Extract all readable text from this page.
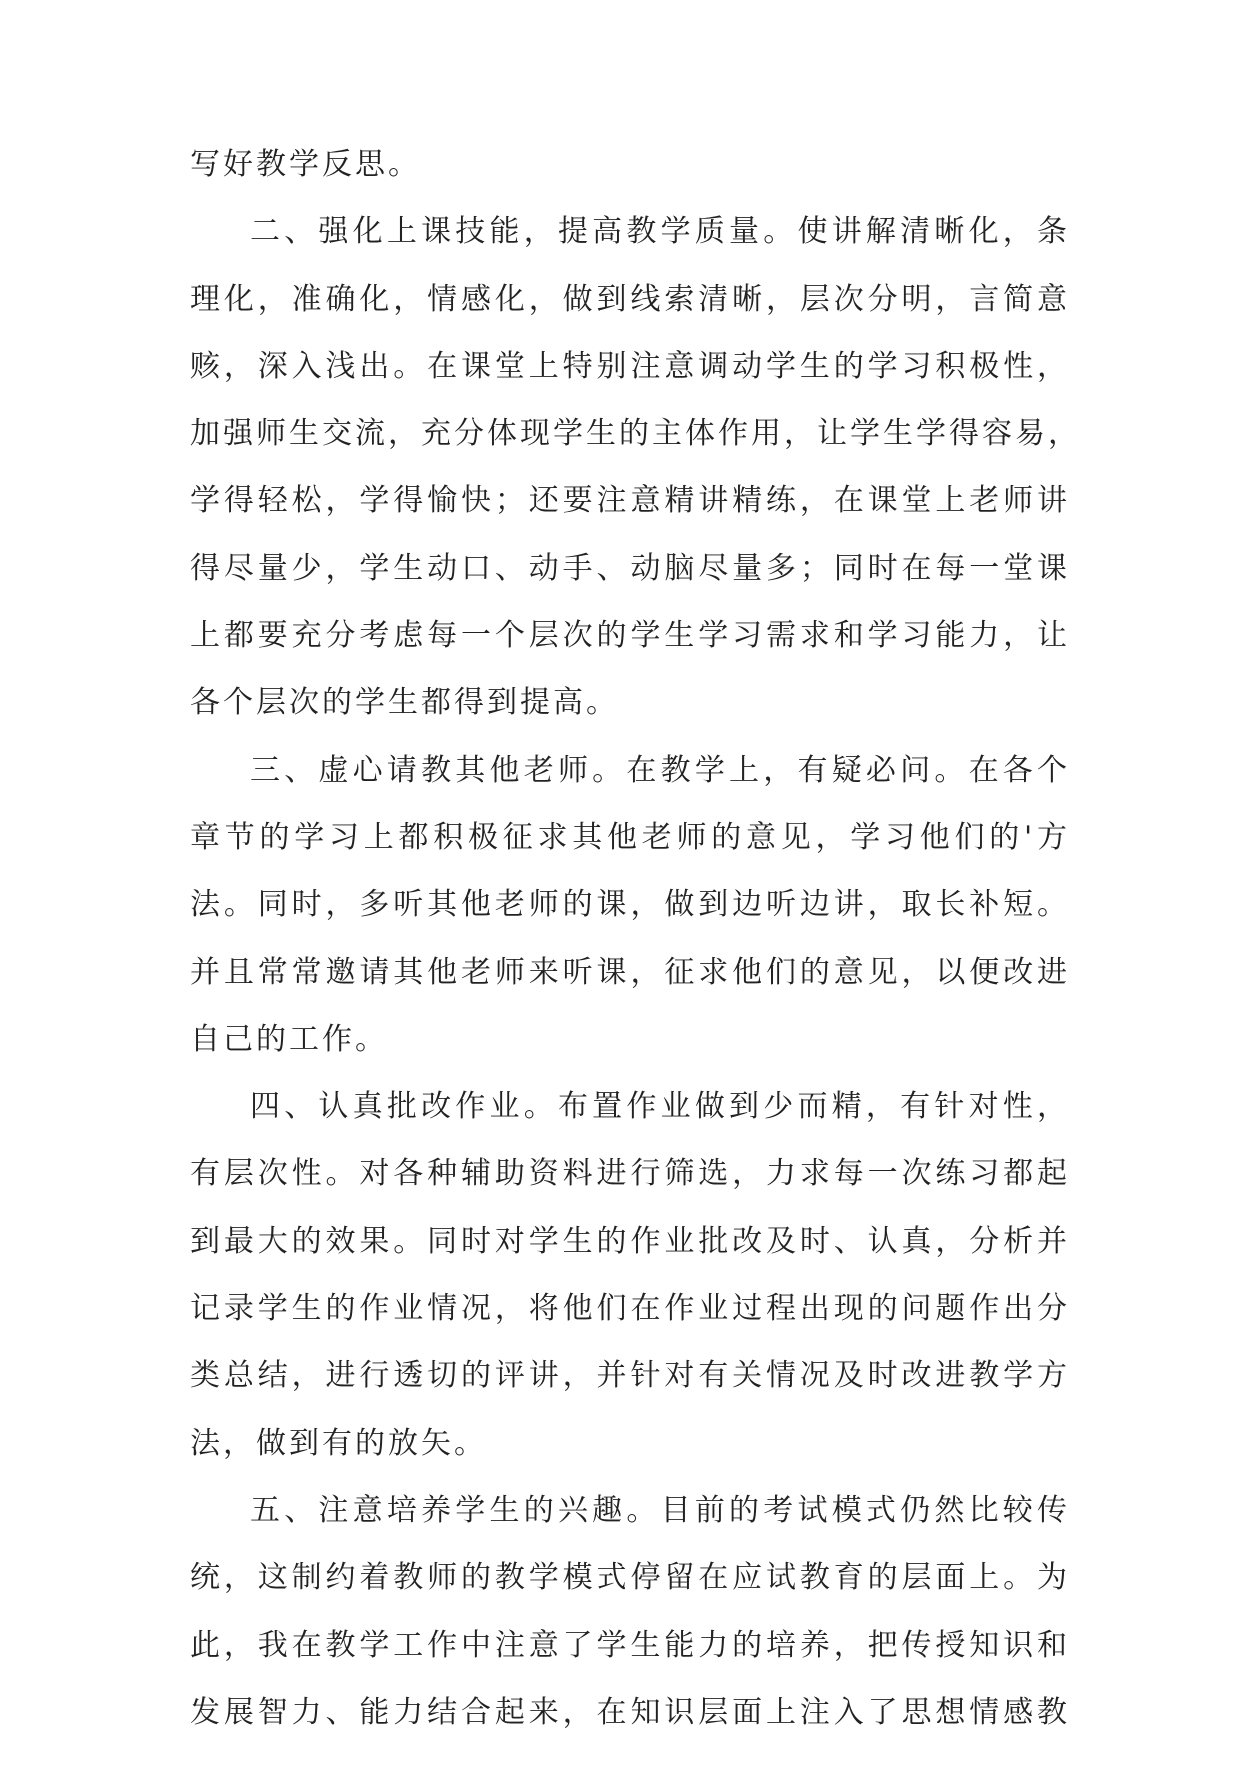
写好教学反思。
二、强化上课技能，提高教学质量。使讲解清晰化，条
理化，准确化，情感化，做到线索清晰，层次分明，言简意
赅，深入浅出。在课堂上特别注意调动学生的学习积极性，
加强师生交流，充分体现学生的主体作用，让学生学得容易，
学得轻松，学得愉快；还要注意精讲精练，在课堂上老师讲
得尽量少，学生动口、动手、动脑尽量多；同时在每一堂课
上都要充分考虑每一个层次的学生学习需求和学习能力，让
各个层次的学生都得到提高。
三、虚心请教其他老师。在教学上，有疑必问。在各个
章节的学习上都积极征求其他老师的意见，学习他们的'方
法。同时，多听其他老师的课，做到边听边讲，取长补短。
并且常常邀请其他老师来听课，征求他们的意见，以便改进
自己的工作。
四、认真批改作业。布置作业做到少而精，有针对性，
有层次性。对各种辅助资料进行筛选，力求每一次练习都起
到最大的效果。同时对学生的作业批改及时、认真，分析并
记录学生的作业情况，将他们在作业过程出现的问题作出分
类总结，进行透切的评讲，并针对有关情况及时改进教学方
法，做到有的放矢。
五、注意培养学生的兴趣。目前的考试模式仍然比较传
统，这制约着教师的教学模式停留在应试教育的层面上。为
此，我在教学工作中注意了学生能力的培养，把传授知识和
发展智力、能力结合起来，在知识层面上注入了思想情感教
